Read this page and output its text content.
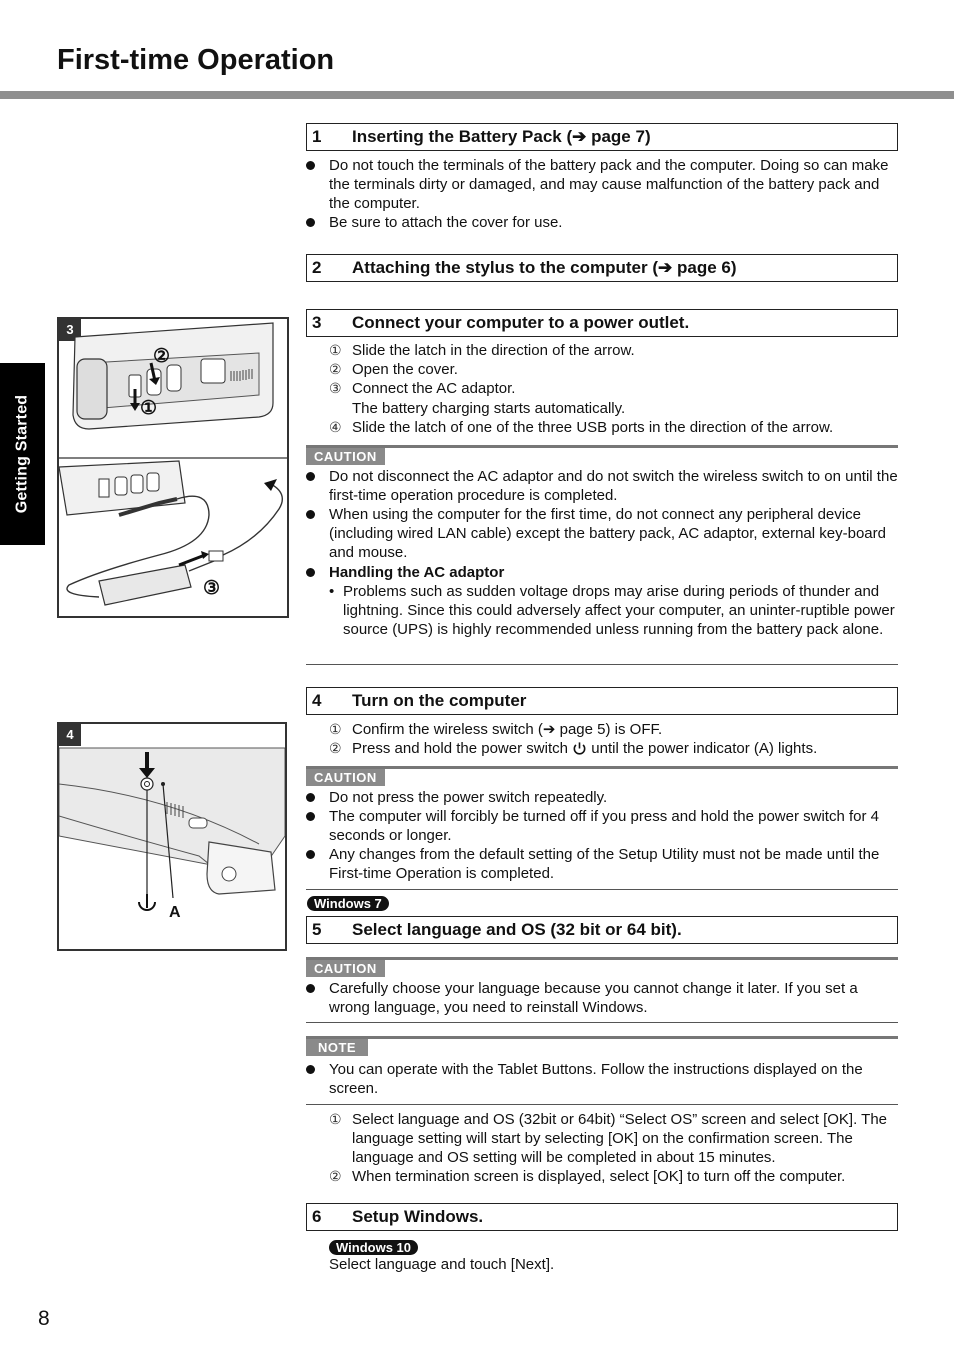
First-time Operation
Getting Started
1 Inserting the Battery Pack (➔ page 7)
Do not touch the terminals of the battery pack and the computer. Doing so can make the terminals dirty or damaged, and may cause malfunction of the battery pack and the computer.
Be sure to attach the cover for use.
2 Attaching the stylus to the computer (➔ page 6)
3 Connect your computer to a power outlet.
① Slide the latch in the direction of the arrow.
② Open the cover.
③ Connect the AC adaptor.
The battery charging starts automatically.
④ Slide the latch of one of the three USB ports in the direction of the arrow.
CAUTION
Do not disconnect the AC adaptor and do not switch the wireless switch to on until the first-time operation procedure is completed.
When using the computer for the first time, do not connect any peripheral device (including wired LAN cable) except the battery pack, AC adaptor, external key-board and mouse.
Handling the AC adaptor
• Problems such as sudden voltage drops may arise during periods of thunder and lightning. Since this could adversely affect your computer, an uninter-ruptible power source (UPS) is highly recommended unless running from the battery pack alone.
4 Turn on the computer
① Confirm the wireless switch (➔ page 5) is OFF.
② Press and hold the power switch until the power indicator (A) lights.
CAUTION
Do not press the power switch repeatedly.
The computer will forcibly be turned off if you press and hold the power switch for 4 seconds or longer.
Any changes from the default setting of the Setup Utility must not be made until the First-time Operation is completed.
Windows 7
5 Select language and OS (32 bit or 64 bit).
CAUTION
Carefully choose your language because you cannot change it later. If you set a wrong language, you need to reinstall Windows.
NOTE
You can operate with the Tablet Buttons. Follow the instructions displayed on the screen.
① Select language and OS (32bit or 64bit) “Select OS” screen and select [OK]. The language setting will start by selecting [OK] on the confirmation screen. The language and OS setting will be completed in about 15 minutes.
② When termination screen is displayed, select [OK] to turn off the computer.
6 Setup Windows.
Windows 10
Select language and touch [Next].
3
②
①
③
4
A
8
